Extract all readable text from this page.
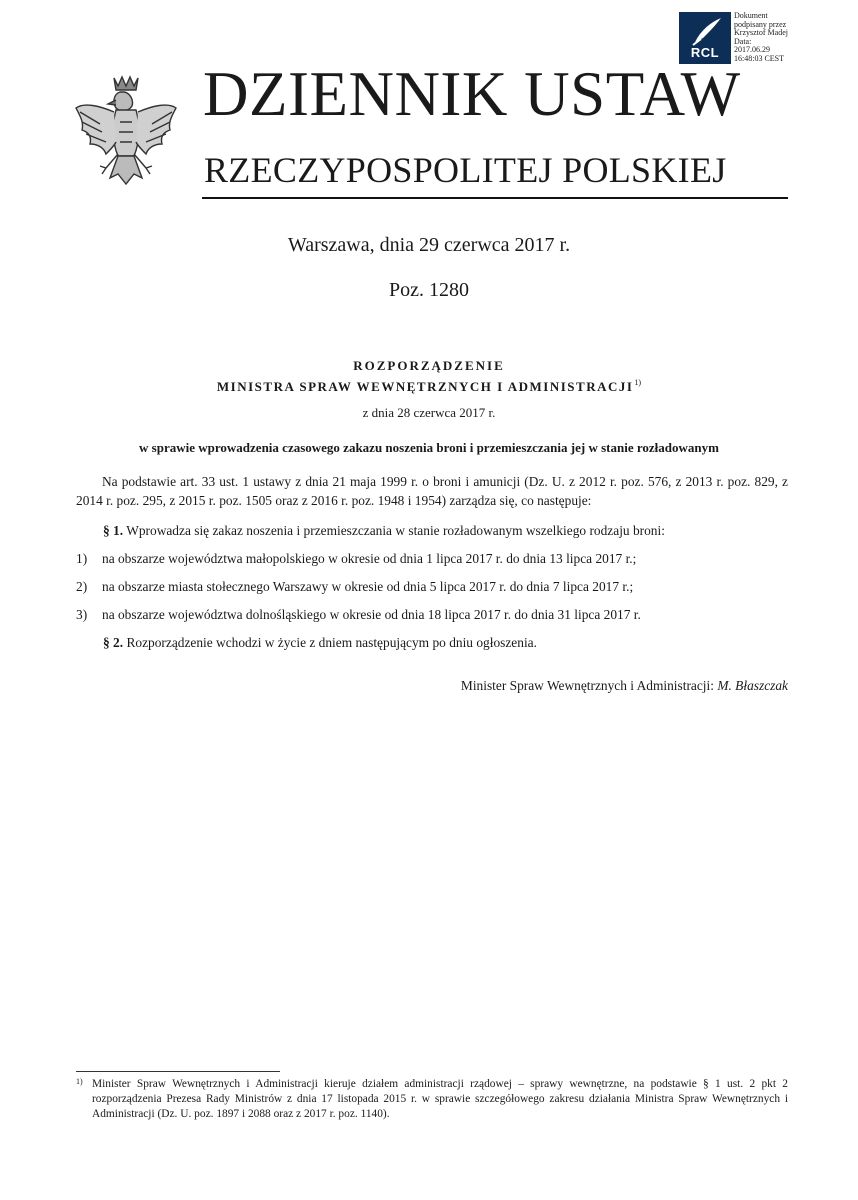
RCL
Dokument
podpisany przez
Krzysztof Madej
Data:
2017.06.29
16:48:03 CEST
DZIENNIK USTAW
RZECZYPOSPOLITEJ POLSKIEJ
Warszawa, dnia 29 czerwca 2017 r.
Poz. 1280
ROZPORZĄDZENIE
MINISTRA SPRAW WEWNĘTRZNYCH I ADMINISTRACJI$^{1)}$
z dnia 28 czerwca 2017 r.
w sprawie wprowadzenia czasowego zakazu noszenia broni i przemieszczania jej w stanie rozładowanym
Na podstawie art. 33 ust. 1 ustawy z dnia 21 maja 1999 r. o broni i amunicji (Dz. U. z 2012 r. poz. 576, z 2013 r. poz. 829, z 2014 r. poz. 295, z 2015 r. poz. 1505 oraz z 2016 r. poz. 1948 i 1954) zarządza się, co następuje:
§ 1. Wprowadza się zakaz noszenia i przemieszczania w stanie rozładowanym wszelkiego rodzaju broni:
1) na obszarze województwa małopolskiego w okresie od dnia 1 lipca 2017 r. do dnia 13 lipca 2017 r.;
2) na obszarze miasta stołecznego Warszawy w okresie od dnia 5 lipca 2017 r. do dnia 7 lipca 2017 r.;
3) na obszarze województwa dolnośląskiego w okresie od dnia 18 lipca 2017 r. do dnia 31 lipca 2017 r.
§ 2. Rozporządzenie wchodzi w życie z dniem następującym po dniu ogłoszenia.
Minister Spraw Wewnętrznych i Administracji: M. Błaszczak
1) Minister Spraw Wewnętrznych i Administracji kieruje działem administracji rządowej – sprawy wewnętrzne, na podstawie § 1 ust. 2 pkt 2 rozporządzenia Prezesa Rady Ministrów z dnia 17 listopada 2015 r. w sprawie szczegółowego zakresu działania Ministra Spraw Wewnętrznych i Administracji (Dz. U. poz. 1897 i 2088 oraz z 2017 r. poz. 1140).
